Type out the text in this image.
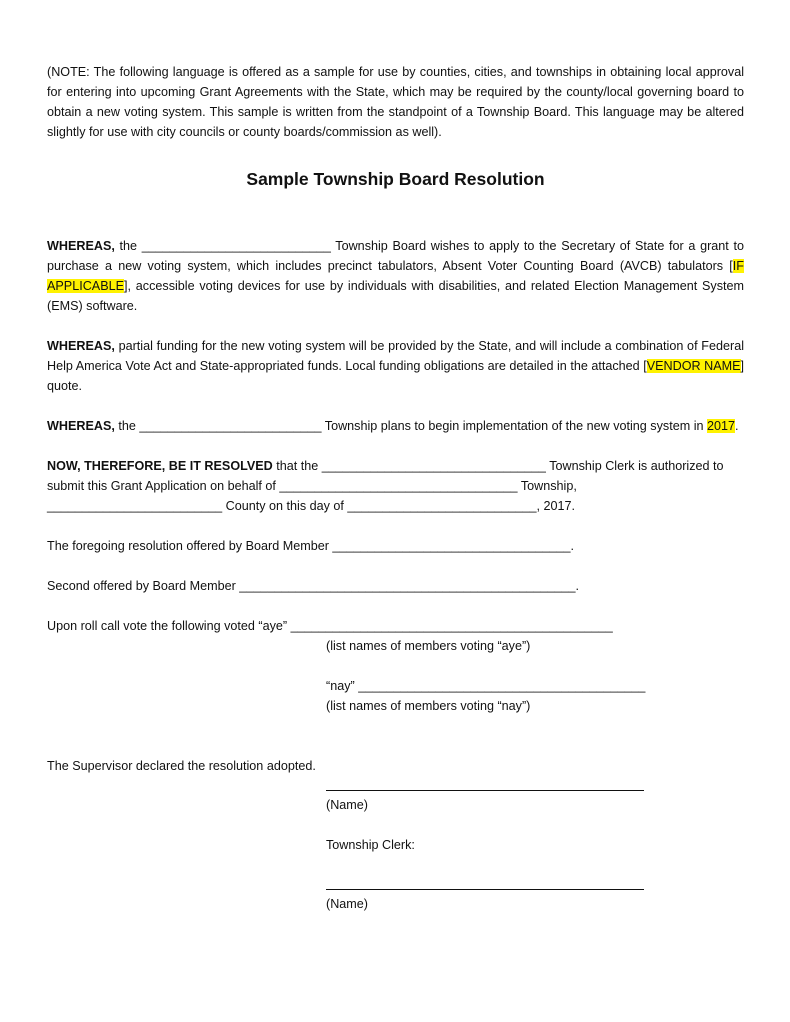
(NOTE: The following language is offered as a sample for use by counties, cities, and townships in obtaining local approval for entering into upcoming Grant Agreements with the State, which may be required by the county/local governing board to obtain a new voting system. This sample is written from the standpoint of a Township Board. This language may be altered slightly for use with city councils or county boards/commission as well).

Sample Township Board Resolution

WHEREAS, the ___________________________ Township Board wishes to apply to the Secretary of State for a grant to purchase a new voting system, which includes precinct tabulators, Absent Voter Counting Board (AVCB) tabulators [IF APPLICABLE], accessible voting devices for use by individuals with disabilities, and related Election Management System (EMS) software.

WHEREAS, partial funding for the new voting system will be provided by the State, and will include a combination of Federal Help America Vote Act and State-appropriated funds. Local funding obligations are detailed in the attached [VENDOR NAME] quote.

WHEREAS, the __________________________ Township plans to begin implementation of the new voting system in 2017.

NOW, THEREFORE, BE IT RESOLVED that the ________________________________ Township Clerk is authorized to submit this Grant Application on behalf of __________________________________ Township,
_________________________ County on this day of ___________________________, 2017.

The foregoing resolution offered by Board Member __________________________________.

Second offered by Board Member ________________________________________________.

Upon roll call vote the following voted “aye” ______________________________________________

(list names of members voting “aye”)

“nay” _________________________________________

(list names of members voting “nay”)

The Supervisor declared the resolution adopted.

(Name)

Township Clerk:

(Name)
